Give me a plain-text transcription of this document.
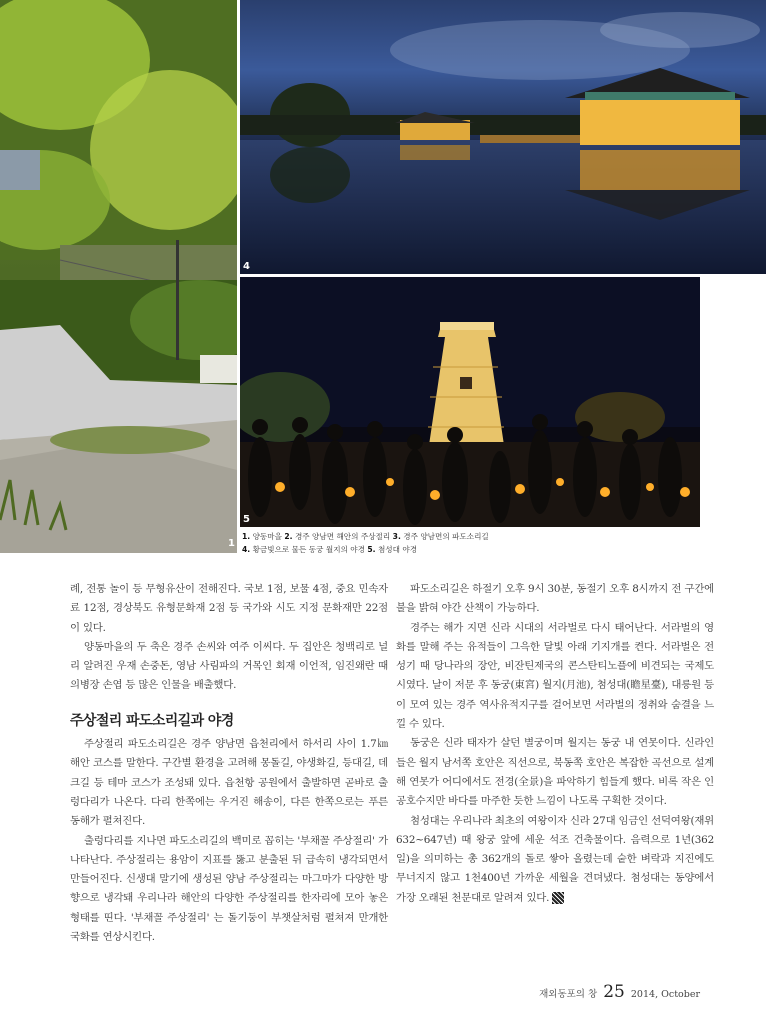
1
4
5
1. 양동마을 2. 경주 양남면 해안의 주상절리 3. 경주 양남면의 파도소리길
4. 황금빛으로 물든 동궁 월지의 야경 5. 첨성대 야경

례, 전통 놀이 등 무형유산이 전해진다. 국보 1점, 보물 4점, 중요 민속자료 12점, 경상북도 유형문화재 2점 등 국가와 시도 지정 문화재만 22점이 있다.

양동마을의 두 축은 경주 손씨와 여주 이씨다. 두 집안은 청백리로 널리 알려진 우재 손중돈, 영남 사림파의 거목인 회재 이언적, 임진왜란 때 의병장 손엽 등 많은 인물을 배출했다.

주상절리 파도소리길과 야경

주상절리 파도소리길은 경주 양남면 읍천리에서 하서리 사이 1.7㎞ 해안 코스를 말한다. 구간별 환경을 고려해 몽돌길, 야생화길, 등대길, 데크길 등 테마 코스가 조성돼 있다. 읍천항 공원에서 출발하면 곧바로 출렁다리가 나온다. 다리 한쪽에는 우거진 해송이, 다른 한쪽으로는 푸른 동해가 펼쳐진다.

출렁다리를 지나면 파도소리길의 백미로 꼽히는 '부채꼴 주상절리' 가 나타난다. 주상절리는 용암이 지표를 뚫고 분출된 뒤 급속히 냉각되면서 만들어진다. 신생대 말기에 생성된 양남 주상절리는 마그마가 다양한 방향으로 냉각돼 우리나라 해안의 다양한 주상절리를 한자리에 모아 놓은 형태를 띤다. '부채꼴 주상절리' 는 돌기둥이 부챗살처럼 펼쳐져 만개한 국화를 연상시킨다.

파도소리길은 하절기 오후 9시 30분, 동절기 오후 8시까지 전 구간에 불을 밝혀 야간 산책이 가능하다.

경주는 해가 지면 신라 시대의 서라벌로 다시 태어난다. 서라벌의 영화를 말해 주는 유적들이 그윽한 달빛 아래 기지개를 켠다. 서라벌은 전성기 때 당나라의 장안, 비잔틴제국의 콘스탄티노플에 비견되는 국제도시였다. 날이 저문 후 동궁(東宮) 월지(月池), 첨성대(瞻星臺), 대릉원 등이 모여 있는 경주 역사유적지구를 걸어보면 서라벌의 정취와 숨결을 느낄 수 있다.

동궁은 신라 태자가 살던 별궁이며 월지는 동궁 내 연못이다. 신라인들은 월지 남서쪽 호안은 직선으로, 북동쪽 호안은 복잡한 곡선으로 설계해 연못가 어디에서도 전경(全景)을 파악하기 힘들게 했다. 비록 작은 인공호수지만 바다를 마주한 듯한 느낌이 나도록 구획한 것이다.

첨성대는 우리나라 최초의 여왕이자 신라 27대 임금인 선덕여왕(재위 632~647년) 때 왕궁 앞에 세운 석조 건축물이다. 음력으로 1년(362일)을 의미하는 총 362개의 돌로 쌓아 올렸는데 숱한 벼락과 지진에도 무너지지 않고 1천400년 가까운 세월을 견뎌냈다. 첨성대는 동양에서 가장 오래된 천문대로 알려져 있다.

재외동포의 창 25 2014, October
